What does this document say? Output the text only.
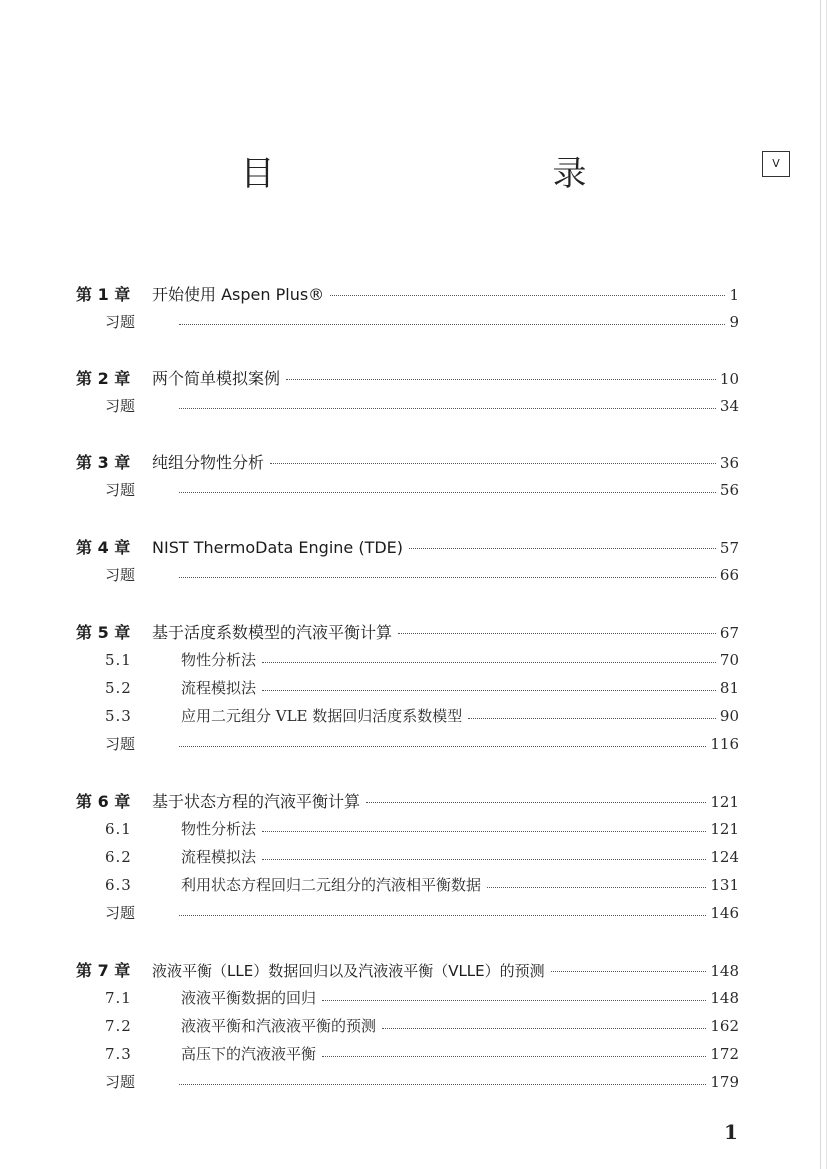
目　　录	V
第 1 章	开始使用 Aspen Plus®	1
习题	9
第 2 章	两个简单模拟案例	10
习题	34
第 3 章	纯组分物性分析	36
习题	56
第 4 章	NIST ThermoData Engine (TDE)	57
习题	66
第 5 章	基于活度系数模型的汽液平衡计算	67
5.1	物性分析法	70
5.2	流程模拟法	81
5.3	应用二元组分 VLE 数据回归活度系数模型	90
习题	116
第 6 章	基于状态方程的汽液平衡计算	121
6.1	物性分析法	121
6.2	流程模拟法	124
6.3	利用状态方程回归二元组分的汽液相平衡数据	131
习题	146
第 7 章	液液平衡（LLE）数据回归以及汽液液平衡（VLLE）的预测	148
7.1	液液平衡数据的回归	148
7.2	液液平衡和汽液液平衡的预测	162
7.3	高压下的汽液液平衡	172
习题	179
1
